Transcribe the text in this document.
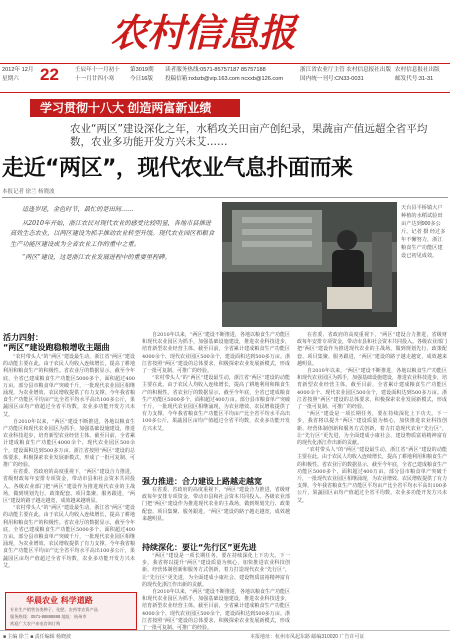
农村信息报
2012年 12月 22
星期六
壬辰年十一月初十
十一月廿四小寒
第3019期
今日16版
读者服务热线:0571-85757187 85757188
投稿信箱:nxbzb@vip.163.com ncxxb@126.com
浙江省农业厅主管 农村信息报社出版
国内统一刊号:CN33-0031
农村信息报社出版
邮发代号:31-31
学习贯彻十八大 创造两富新业绩
农业“两区”建设深化之年，水稻攻关田亩产创纪录，果蔬亩产值远超全省平均数，农业多功能开发方兴未艾……
走近“两区”，现代农业气息扑面而来
本报记者 徐兰 杨晓波

适逢岁尾，金色时节，最忙的是田间……

从2010年开始，浙江农民对现代农业的感受比较明显，各地市县推进高效生态农业，以两区建设为抓手推动农业转型升级。现代农业园区和粮食生产功能区建设成为全省农业工作的重中之重。

“两区”建设，这是浙江农业发展进程中的重要里程碑。

天台县平桥镇大户种植的水稻试验田亩产达到900多公斤。记者 摄 经过多年不懈努力，浙江粮食生产功能区建设已初见成效。
活力四射：
“两区”建设跑稳粮增收主题曲

“农村带头人”的“两区”建设最生动，浙江省“两区”建设的动能主要在此。由于农民人均收入连续增长，提高了耕地利用和粮食生产的积极性。省农业厅的数据显示，截至今年底，全省已建成粮食生产功能区5000多个，面积超过400万亩。部分县市粮食单产突破千斤，一批现代农业园区相继涌现，为农业增效、农民增收提供了有力支撑。今年我省粮食生产功能区平均亩产比全省平均水平高出100多公斤，果蔬园区亩均产值超过全省平均数，农业多功能开发方兴未艾。

自2010年以来，“两区”建设不断推进，各地以粮食生产功能区和现代农业园区为抓手，加强基础设施建设，推进农业科技进步，培育新型农业经营主体。截至目前，全省累计建成粮食生产功能区4000余个、现代农业园区500余个，建设面积达到500多万亩。浙江省按照“两区”建设的总体要求，积极探索农业发展新模式，形成了一批可复制、可推广的经验。

在省委、省政府的高度重视下，“两区”建设合力推进，省级财政每年安排专项资金，带动市县和社会资本共同投入。各级农业部门把“两区”建设作为推进现代农业的主战场，做到规划先行、政策配套、项目集聚、服务跟进，“两区”建设的路子越走越宽，成效越来越明显。

“农村带头人”的“两区”建设最生动，浙江省“两区”建设的动能主要在此。由于农民人均收入连续增长，提高了耕地利用和粮食生产的积极性。省农业厅的数据显示，截至今年底，全省已建成粮食生产功能区5000多个，面积超过400万亩。部分县市粮食单产突破千斤，一批现代农业园区相继涌现，为农业增效、农民增收提供了有力支撑。今年我省粮食生产功能区平均亩产比全省平均水平高出100多公斤，果蔬园区亩均产值超过全省平均数，农业多功能开发方兴未艾。

自2010年以来，“两区”建设不断推进，各地以粮食生产功能区和现代农业园区为抓手，加强基础设施建设，推进农业科技进步，培育新型农业经营主体。截至目前，全省累计建成粮食生产功能区4000余个、现代农业园区500余个，建设面积达到500多万亩。浙江省按照“两区”建设的总体要求，积极探索农业发展新模式，形成了一批可复制、可推广的经验。

“农村带头人”的“两区”建设最生动，浙江省“两区”建设的动能主要在此。由于农民人均收入连续增长，提高了耕地利用和粮食生产的积极性。省农业厅的数据显示，截至今年底，全省已建成粮食生产功能区5000多个，面积超过400万亩。部分县市粮食单产突破千斤，一批现代农业园区相继涌现，为农业增效、农民增收提供了有力支撑。今年我省粮食生产功能区平均亩产比全省平均水平高出100多公斤，果蔬园区亩均产值超过全省平均数，农业多功能开发方兴未艾。

强力推进：合力建设上路越走越宽

在省委、省政府的高度重视下，“两区”建设合力推进，省级财政每年安排专项资金，带动市县和社会资本共同投入。各级农业部门把“两区”建设作为推进现代农业的主战场，做到规划先行、政策配套、项目集聚、服务跟进，“两区”建设的路子越走越宽，成效越来越明显。

持续深化：要让“先行区”更先进

“两区”建设是一项长期任务，要在持续深化上下功夫。下一步，我省将以提升“两区”建设质量为核心，加快推进农业科技创新、经营体制创新和服务方式创新，着力打造现代农业“先行区”，让“先行区”更先进，为全面建成小康社会、建设物质富裕精神富有的现代化浙江作出新的贡献。

自2010年以来，“两区”建设不断推进，各地以粮食生产功能区和现代农业园区为抓手，加强基础设施建设，推进农业科技进步，培育新型农业经营主体。截至目前，全省累计建成粮食生产功能区4000余个、现代农业园区500余个，建设面积达到500多万亩。浙江省按照“两区”建设的总体要求，积极探索农业发展新模式，形成了一批可复制、可推广的经验。

在省委、省政府的高度重视下，“两区”建设合力推进，省级财政每年安排专项资金，带动市县和社会资本共同投入。各级农业部门把“两区”建设作为推进现代农业的主战场，做到规划先行、政策配套、项目集聚、服务跟进，“两区”建设的路子越走越宽，成效越来越明显。

自2010年以来，“两区”建设不断推进，各地以粮食生产功能区和现代农业园区为抓手，加强基础设施建设，推进农业科技进步，培育新型农业经营主体。截至目前，全省累计建成粮食生产功能区4000余个、现代农业园区500余个，建设面积达到500多万亩。浙江省按照“两区”建设的总体要求，积极探索农业发展新模式，形成了一批可复制、可推广的经验。

“两区”建设是一项长期任务，要在持续深化上下功夫。下一步，我省将以提升“两区”建设质量为核心，加快推进农业科技创新、经营体制创新和服务方式创新，着力打造现代农业“先行区”，让“先行区”更先进，为全面建成小康社会、建设物质富裕精神富有的现代化浙江作出新的贡献。

“农村带头人”的“两区”建设最生动，浙江省“两区”建设的动能主要在此。由于农民人均收入连续增长，提高了耕地利用和粮食生产的积极性。省农业厅的数据显示，截至今年底，全省已建成粮食生产功能区5000多个，面积超过400万亩。部分县市粮食单产突破千斤，一批现代农业园区相继涌现，为农业增效、农民增收提供了有力支撑。今年我省粮食生产功能区平均亩产比全省平均水平高出100多公斤，果蔬园区亩均产值超过全省平均数，农业多功能开发方兴未艾。

华晨农业 科学道路
专业生产销售各类种子、化肥、农药等农资产品
服务热线：0571-88888888 地址：杭州市
欢迎广大农户来电咨询订购
■ 主编 徐兰 ■ 责任编辑 杨晓波	本报地址：杭州市凤起东路 邮编310020 广告许可证
